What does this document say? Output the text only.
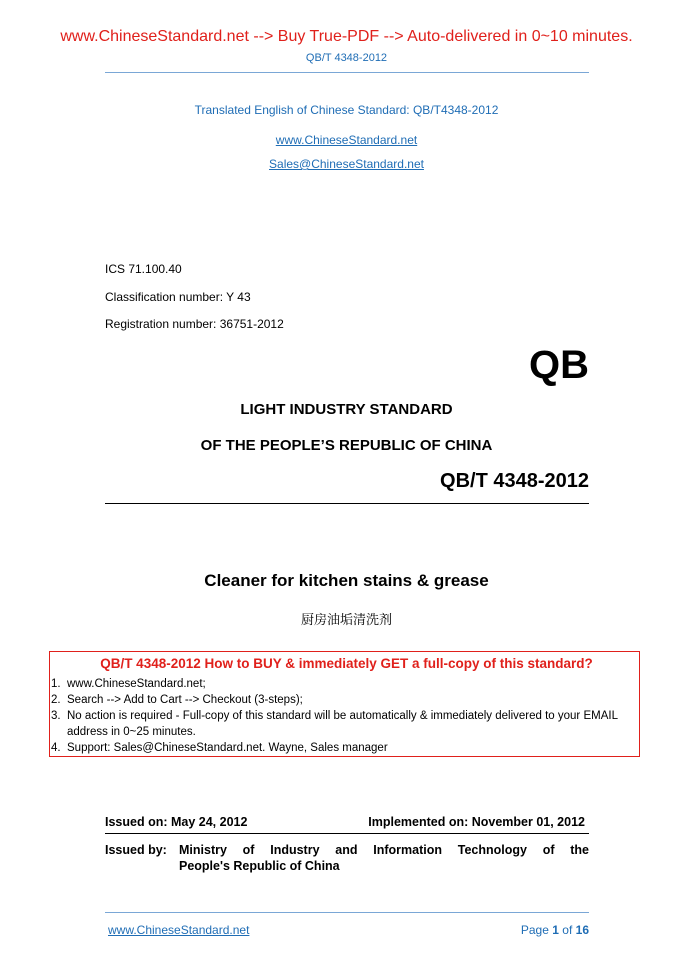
www.ChineseStandard.net --> Buy True-PDF --> Auto-delivered in 0~10 minutes.
QB/T 4348-2012
Translated English of Chinese Standard: QB/T4348-2012
www.ChineseStandard.net
Sales@ChineseStandard.net
ICS 71.100.40
Classification number: Y 43
Registration number: 36751-2012
QB
LIGHT INDUSTRY STANDARD
OF THE PEOPLE’S REPUBLIC OF CHINA
QB/T 4348-2012
Cleaner for kitchen stains & grease
厨房油垢清洗剂
QB/T 4348-2012 How to BUY & immediately GET a full-copy of this standard?
1. www.ChineseStandard.net;
2. Search --> Add to Cart --> Checkout (3-steps);
3. No action is required - Full-copy of this standard will be automatically & immediately delivered to your EMAIL address in 0~25 minutes.
4. Support: Sales@ChineseStandard.net. Wayne, Sales manager
Issued on: May 24, 2012	Implemented on: November 01, 2012
Issued by: Ministry of Industry and Information Technology of the
People's Republic of China
www.ChineseStandard.net	Page 1 of 16
